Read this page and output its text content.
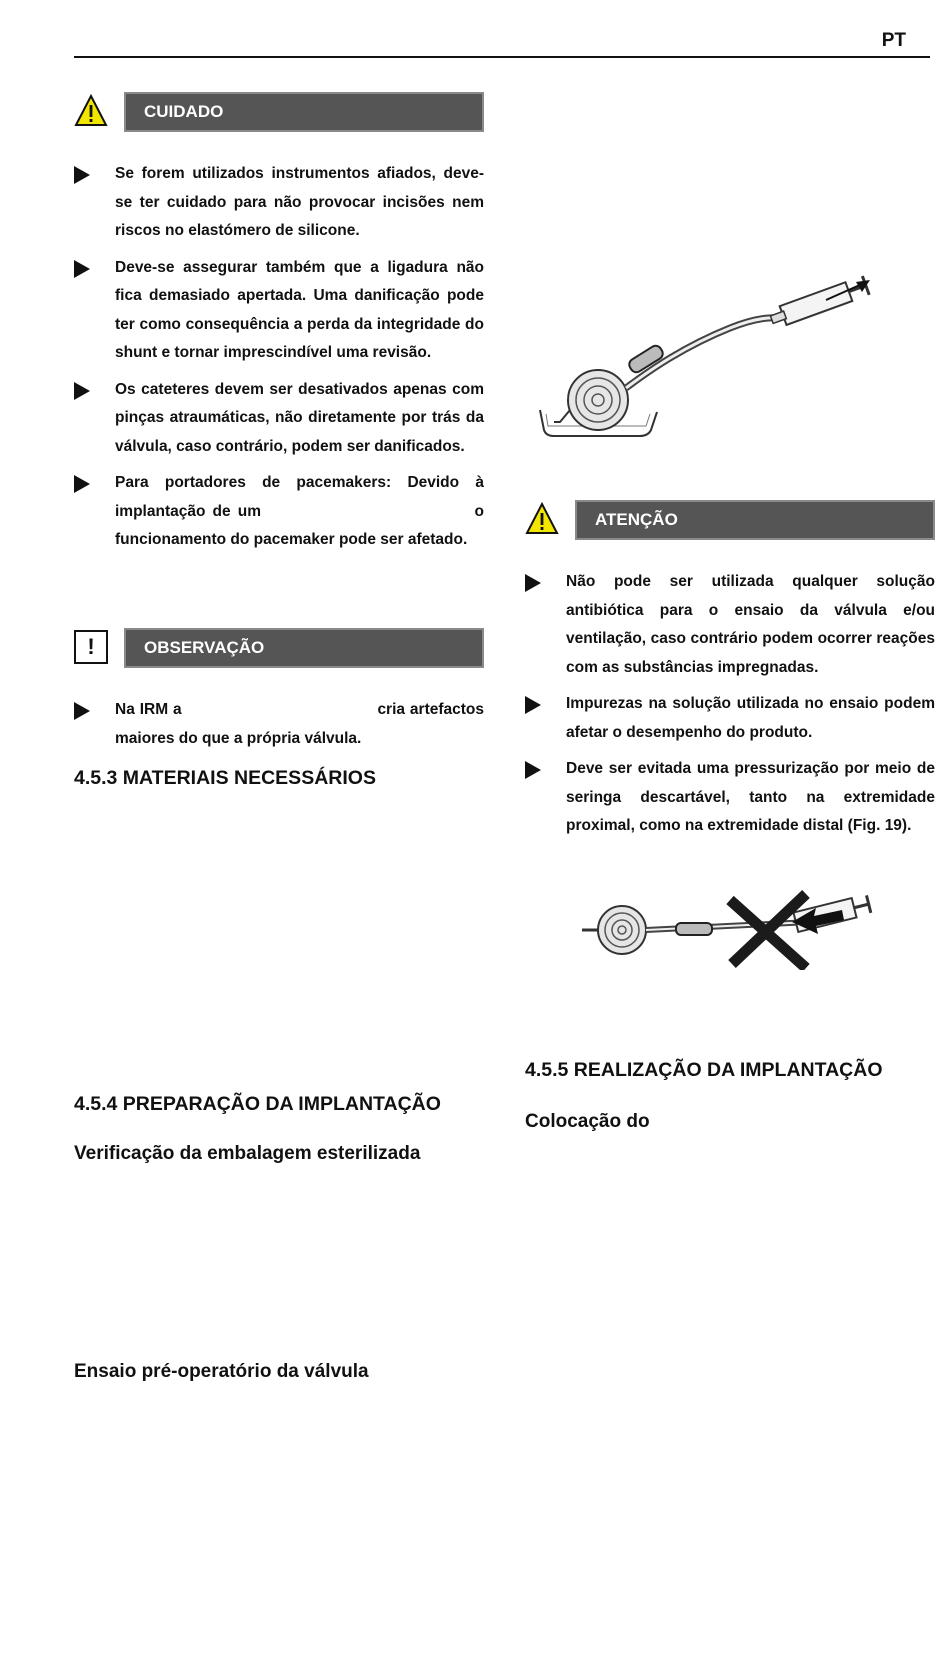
PT
CUIDADO
Se forem utilizados instrumentos afiados, deve-se ter cuidado para não provocar incisões nem riscos no elastómero de silicone.
Deve-se assegurar também que a ligadura não fica demasiado apertada. Uma danificação pode ter como consequência a perda da integridade do shunt e tornar imprescindível uma revisão.
Os cateteres devem ser desativados apenas com pinças atraumáticas, não diretamente por trás da válvula, caso contrário, podem ser danificados.
Para portadores de pacemakers: Devido à implantação de um                              o funcionamento do pacemaker pode ser afetado.
!	OBSERVAÇÃO
Na IRM a                                        cria artefactos maiores do que a própria válvula.
4.5.3 MATERIAIS NECESSÁRIOS
4.5.4 PREPARAÇÃO DA IMPLANTAÇÃO
Verificação da embalagem esterilizada
Ensaio pré-operatório da válvula
ATENÇÃO
Não pode ser utilizada qualquer solução antibiótica para o ensaio da válvula e/ou ventilação, caso contrário podem ocorrer reações com as substâncias impregnadas.
Impurezas na solução utilizada no ensaio podem afetar o desempenho do produto.
Deve ser evitada uma pressurização por meio de seringa descartável, tanto na extremidade proximal, como na extremidade distal (Fig. 19).
4.5.5 REALIZAÇÃO DA IMPLANTAÇÃO
Colocação do
